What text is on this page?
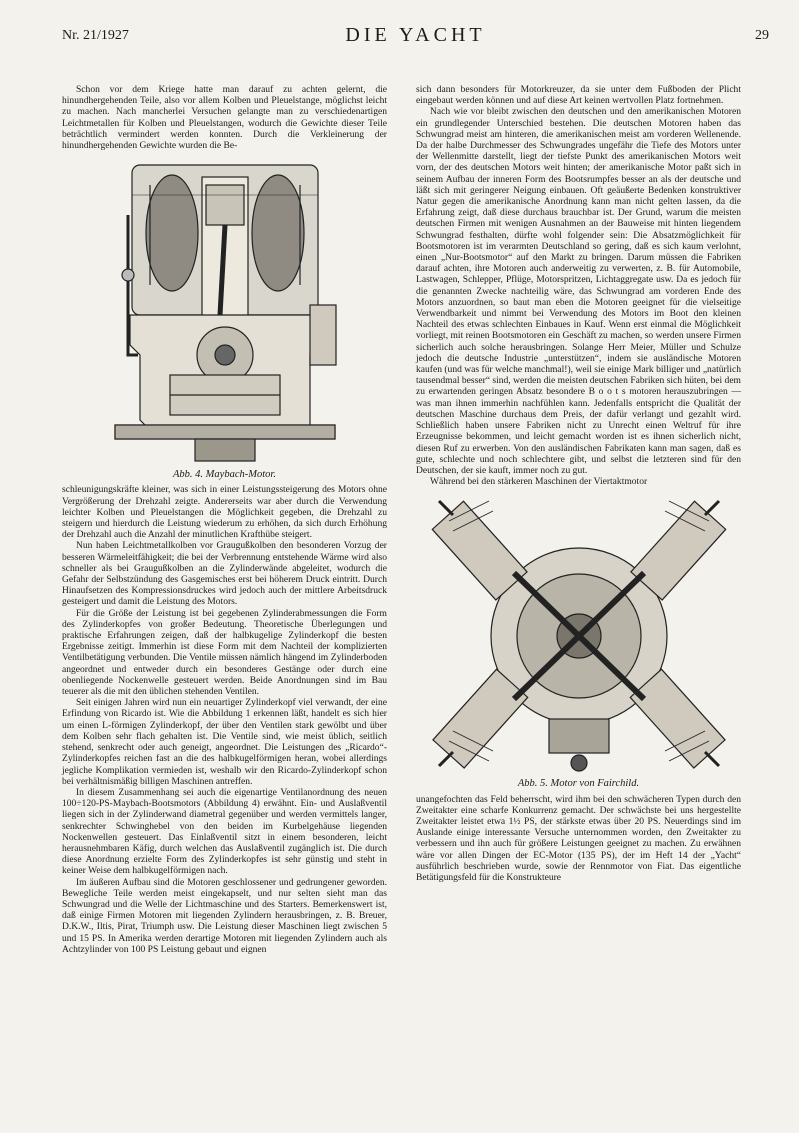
Nr. 21/1927	DIE YACHT	29

Schon vor dem Kriege hatte man darauf zu achten gelernt, die hinundhergehenden Teile, also vor allem Kolben und Pleuelstange, möglichst leicht zu machen. Nach mancherlei Versuchen gelangte man zu verschiedenartigen Leichtmetallen für Kolben und Pleuelstangen, wodurch die Gewichte dieser Teile beträchtlich vermindert werden konnten. Durch die Verkleinerung der hinundhergehenden Gewichte wurden die Be-

Abb. 4. Maybach-Motor.

schleunigungskräfte kleiner, was sich in einer Leistungssteigerung des Motors ohne Vergrößerung der Drehzahl zeigte. Andererseits war aber durch die Verwendung leichter Kolben und Pleuelstangen die Möglichkeit gegeben, die Drehzahl zu steigern und hierdurch die Leistung wiederum zu erhöhen, da sich durch Erhöhung der Drehzahl auch die Anzahl der minutlichen Krafthübe steigert.

Nun haben Leichtmetallkolben vor Graugußkolben den besonderen Vorzug der besseren Wärmeleitfähigkeit; die bei der Verbrennung entstehende Wärme wird also schneller als bei Graugußkolben an die Zylinderwände abgeleitet, wodurch die Gefahr der Selbstzündung des Gasgemisches erst bei höherem Druck eintritt. Durch Hinaufsetzen des Kompressionsdruckes wird jedoch auch der mittlere Arbeitsdruck gesteigert und damit die Leistung des Motors.

Für die Größe der Leistung ist bei gegebenen Zylinderabmessungen die Form des Zylinderkopfes von großer Bedeutung. Theoretische Überlegungen und praktische Erfahrungen zeigen, daß der halbkugelige Zylinderkopf die besten Ergebnisse zeitigt. Immerhin ist diese Form mit dem Nachteil der komplizierten Ventilbetätigung verbunden. Die Ventile müssen nämlich hängend im Zylinderboden angeordnet und entweder durch ein besonderes Gestänge oder durch eine obenliegende Nockenwelle gesteuert werden. Beide Anordnungen sind im Bau teuerer als die mit den üblichen stehenden Ventilen.

Seit einigen Jahren wird nun ein neuartiger Zylinderkopf viel verwandt, der eine Erfindung von Ricardo ist. Wie die Abbildung 1 erkennen läßt, handelt es sich hier um einen L-förmigen Zylinderkopf, der über den Ventilen stark gewölbt und über dem Kolben sehr flach gehalten ist. Die Ventile sind, wie meist üblich, seitlich stehend, senkrecht oder auch geneigt, angeordnet. Die Leistungen des „Ricardo“-Zylinderkopfes reichen fast an die des halbkugelförmigen heran, wobei allerdings jegliche Komplikation vermieden ist, weshalb wir den Ricardo-Zylinderkopf schon bei verhältnismäßig billigen Maschinen antreffen.

In diesem Zusammenhang sei auch die eigenartige Ventilanordnung des neuen 100÷120-PS-Maybach-Bootsmotors (Abbildung 4) erwähnt. Ein- und Auslaßventil liegen sich in der Zylinderwand diametral gegenüber und werden vermittels langer, senkrechter Schwinghebel von den beiden im Kurbelgehäuse liegenden Nockenwellen gesteuert. Das Einlaßventil sitzt in einem besonderen, leicht herausnehmbaren Käfig, durch welchen das Auslaßventil zugänglich ist. Die durch diese Anordnung erzielte Form des Zylinderkopfes ist sehr günstig und steht in keiner Weise dem halbkugelförmigen nach.

Im äußeren Aufbau sind die Motoren geschlossener und gedrungener geworden. Bewegliche Teile werden meist eingekapselt, und nur selten sieht man das Schwungrad und die Welle der Lichtmaschine und des Starters. Bemerkenswert ist, daß einige Firmen Motoren mit liegenden Zylindern herausbringen, z. B. Breuer, D.K.W., Iltis, Pirat, Triumph usw. Die Leistung dieser Maschinen liegt zwischen 5 und 15 PS. In Amerika werden derartige Motoren mit liegenden Zylindern auch als Achtzylinder von 100 PS Leistung gebaut und eignen

sich dann besonders für Motorkreuzer, da sie unter dem Fußboden der Plicht eingebaut werden können und auf diese Art keinen wertvollen Platz fortnehmen.

Nach wie vor bleibt zwischen den deutschen und den amerikanischen Motoren ein grundlegender Unterschied bestehen. Die deutschen Motoren haben das Schwungrad meist am hinteren, die amerikanischen meist am vorderen Wellenende. Da der halbe Durchmesser des Schwungrades ungefähr die Tiefe des Motors unter der Wellenmitte darstellt, liegt der tiefste Punkt des amerikanischen Motors weit vorn, der des deutschen Motors weit hinten; der amerikanische Motor paßt sich in seinem Aufbau der inneren Form des Bootsrumpfes besser an als der deutsche und läßt sich mit geringerer Neigung einbauen. Oft geäußerte Bedenken konstruktiver Natur gegen die amerikanische Anordnung kann man nicht gelten lassen, da die Erfahrung zeigt, daß diese durchaus brauchbar ist. Der Grund, warum die meisten deutschen Firmen mit wenigen Ausnahmen an der Bauweise mit hinten liegendem Schwungrad festhalten, dürfte wohl folgender sein: Die Absatzmöglichkeit für Bootsmotoren ist im verarmten Deutschland so gering, daß es sich kaum verlohnt, einen „Nur-Bootsmotor“ auf den Markt zu bringen. Darum müssen die Fabriken darauf achten, ihre Motoren auch anderweitig zu verwerten, z. B. für Automobile, Lastwagen, Schlepper, Pflüge, Motorspritzen, Lichtaggregate usw. Da es jedoch für die genannten Zwecke nachteilig wäre, das Schwungrad am vorderen Ende des Motors anzuordnen, so baut man eben die Motoren geeignet für die vielseitige Verwendbarkeit und nimmt bei Verwendung des Motors im Boot den kleinen Nachteil des etwas schlechten Einbaues in Kauf. Wenn erst einmal die Möglichkeit vorliegt, mit reinen Bootsmotoren ein Geschäft zu machen, so werden unsere Firmen sicherlich auch solche herausbringen. Solange Herr Meier, Müller und Schulze jedoch die deutsche Industrie „unterstützen“, indem sie ausländische Motoren kaufen (und was für welche manchmal!), weil sie einige Mark billiger und „natürlich tausendmal besser“ sind, werden die meisten deutschen Fabriken sich hüten, bei dem zu erwartenden geringen Absatz besondere B o o t s motoren herauszubringen — was man ihnen immerhin nachfühlen kann. Jedenfalls entspricht die Qualität der deutschen Maschine durchaus dem Preis, der dafür verlangt und gezahlt wird. Schließlich haben unsere Fabriken nicht zu Unrecht einen Weltruf für ihre Erzeugnisse bekommen, und leicht gemacht worden ist es ihnen sicherlich nicht, diesen Ruf zu erwerben. Von den ausländischen Fabrikaten kann man sagen, daß es gute, schlechte und noch schlechtere gibt, und selbst die letzteren sind für den Deutschen, der sie kauft, immer noch zu gut.

Während bei den stärkeren Maschinen der Viertaktmotor

Abb. 5. Motor von Fairchild.

unangefochten das Feld beherrscht, wird ihm bei den schwächeren Typen durch den Zweitakter eine scharfe Konkurrenz gemacht. Der schwächste bei uns hergestellte Zweitakter leistet etwa 1½ PS, der stärkste etwas über 20 PS. Neuerdings sind im Auslande einige interessante Versuche unternommen worden, den Zweitakter zu verbessern und ihn auch für größere Leistungen geeignet zu machen. Zu erwähnen wäre vor allen Dingen der EC-Motor (135 PS), der im Heft 14 der „Yacht“ ausführlich beschrieben wurde, sowie der Rennmotor von Fiat. Das eigentliche Betätigungsfeld für die Konstrukteure
